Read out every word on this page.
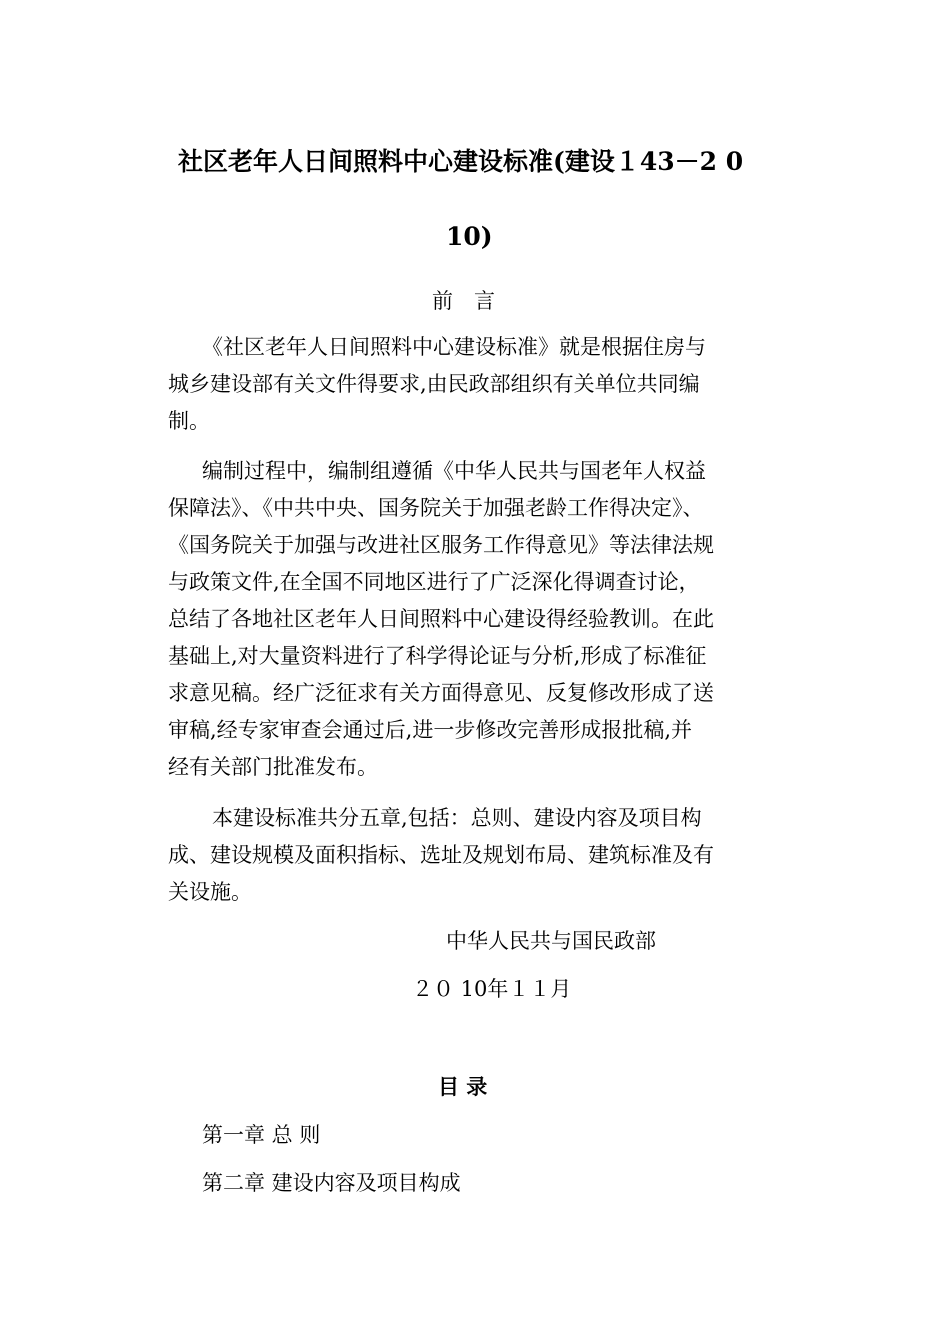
社区老年人日间照料中心建设标准(建设１43－2 0
10)
前　言
《社区老年人日间照料中心建设标准》就是根据住房与
城乡建设部有关文件得要求,由民政部组织有关单位共同编
制。
编制过程中，编制组遵循《中华人民共与国老年人权益
保障法》、《中共中央、国务院关于加强老龄工作得决定》、
《国务院关于加强与改进社区服务工作得意见》等法律法规
与政策文件,在全国不同地区进行了广泛深化得调查讨论，
总结了各地社区老年人日间照料中心建设得经验教训。在此
基础上,对大量资料进行了科学得论证与分析,形成了标准征
求意见稿。经广泛征求有关方面得意见、反复修改形成了送
审稿,经专家审查会通过后,进一步修改完善形成报批稿,并
经有关部门批准发布。
本建设标准共分五章,包括：总则、建设内容及项目构
成、建设规模及面积指标、选址及规划布局、建筑标准及有
关设施。
中华人民共与国民政部
２０ 10年１１月
目 录
第一章 总 则
第二章 建设内容及项目构成
